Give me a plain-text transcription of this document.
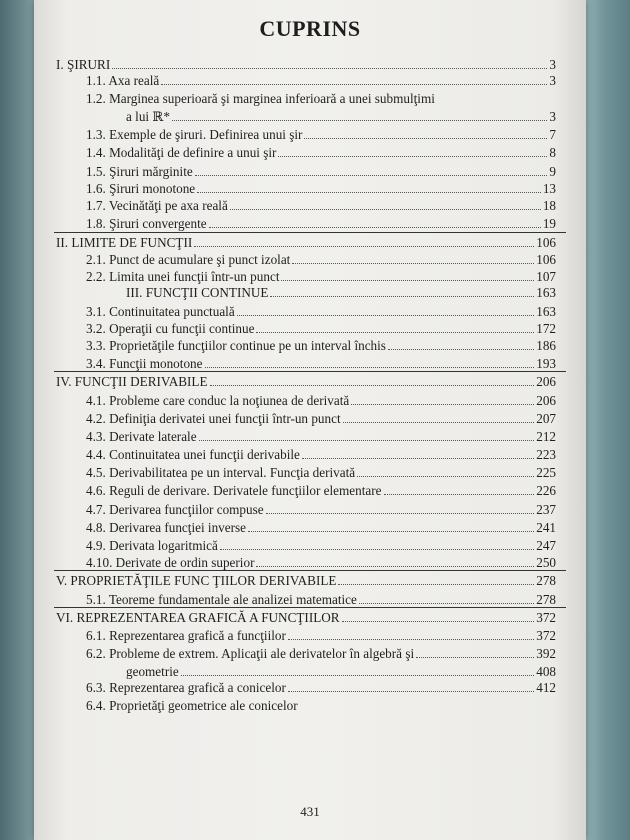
CUPRINS
I. ŞIRURI	3
1.1. Axa reală	3
1.2. Marginea superioară şi marginea inferioară a unei submulţimi
a lui ℝ*	3
1.3. Exemple de şiruri. Definirea unui şir	7
1.4. Modalităţi de definire a unui şir	8
1.5. Şiruri mărginite	9
1.6. Şiruri monotone	13
1.7. Vecinătăţi pe axa reală	18
1.8. Şiruri convergente	19
II. LIMITE DE FUNCŢII	106
2.1. Punct de acumulare şi punct izolat	106
2.2. Limita unei funcţii într-un punct	107
III. FUNCŢII CONTINUE	163
3.1. Continuitatea punctuală	163
3.2. Operaţii cu funcţii continue	172
3.3. Proprietăţile funcţiilor continue pe un interval închis	186
3.4. Funcţii monotone	193
IV. FUNCŢII DERIVABILE	206
4.1. Probleme care conduc la noţiunea de derivată	206
4.2. Definiţia derivatei unei funcţii într-un punct	207
4.3. Derivate laterale	212
4.4. Continuitatea unei funcţii derivabile	223
4.5. Derivabilitatea pe un interval. Funcţia derivată	225
4.6. Reguli de derivare. Derivatele funcţiilor elementare	226
4.7. Derivarea funcţiilor compuse	237
4.8. Derivarea funcţiei inverse	241
4.9. Derivata logaritmică	247
4.10. Derivate de ordin superior	250
V. PROPRIETĂŢILE FUNC ŢIILOR DERIVABILE	278
5.1. Teoreme fundamentale ale analizei matematice	278
VI. REPREZENTAREA GRAFICĂ A FUNCŢIILOR	372
6.1. Reprezentarea grafică a funcţiilor	372
6.2. Probleme de extrem. Aplicaţii ale derivatelor în algebră şi	392
geometrie	408
6.3. Reprezentarea grafică a conicelor	412
6.4. Proprietăţi geometrice ale conicelor
431
